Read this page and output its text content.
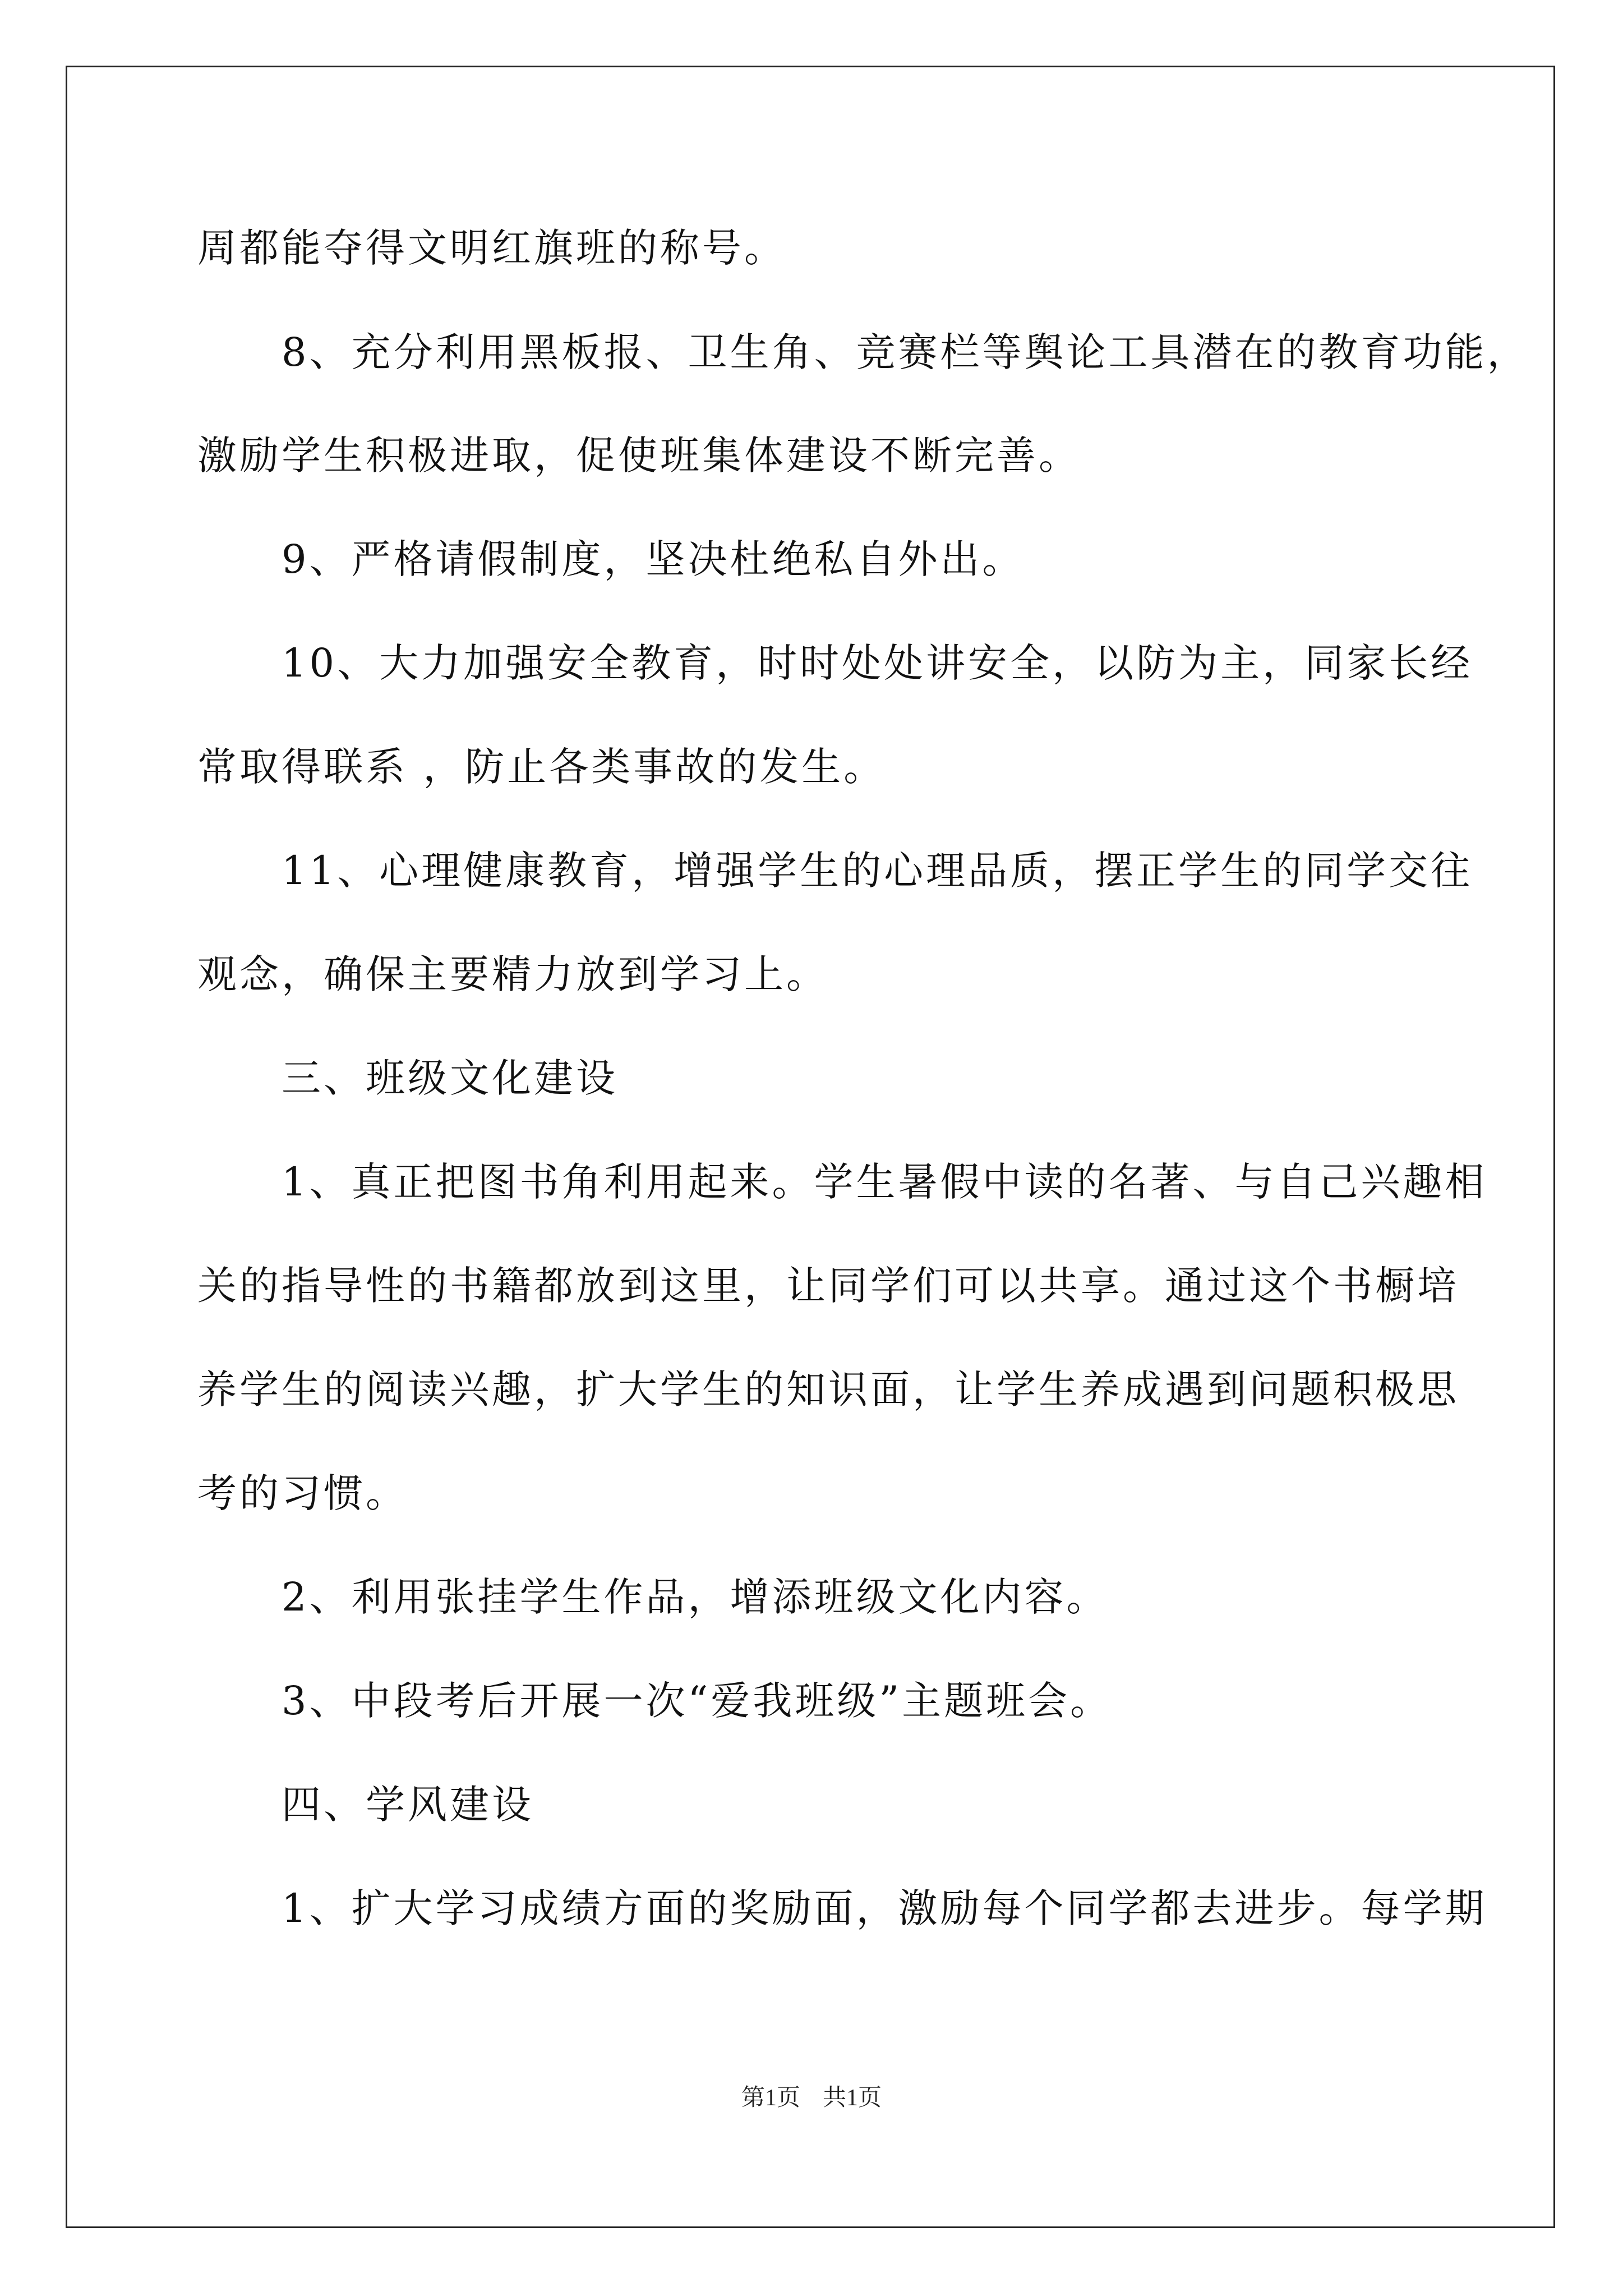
周都能夺得文明红旗班的称号。
　　8、充分利用黑板报、卫生角、竞赛栏等舆论工具潜在的教育功能，
激励学生积极进取，促使班集体建设不断完善。
　　9、严格请假制度，坚决杜绝私自外出。
　　10、大力加强安全教育，时时处处讲安全，以防为主，同家长经
常取得联系 ，防止各类事故的发生。
　　11、心理健康教育，增强学生的心理品质，摆正学生的同学交往
观念，确保主要精力放到学习上。
　　三、班级文化建设
　　1、真正把图书角利用起来。学生暑假中读的名著、与自己兴趣相
关的指导性的书籍都放到这里，让同学们可以共享。通过这个书橱培
养学生的阅读兴趣，扩大学生的知识面，让学生养成遇到问题积极思
考的习惯。
　　2、利用张挂学生作品，增添班级文化内容。
　　3、中段考后开展一次“爱我班级”主题班会。
　　四、学风建设
　　1、扩大学习成绩方面的奖励面，激励每个同学都去进步。每学期
第1页 共1页
